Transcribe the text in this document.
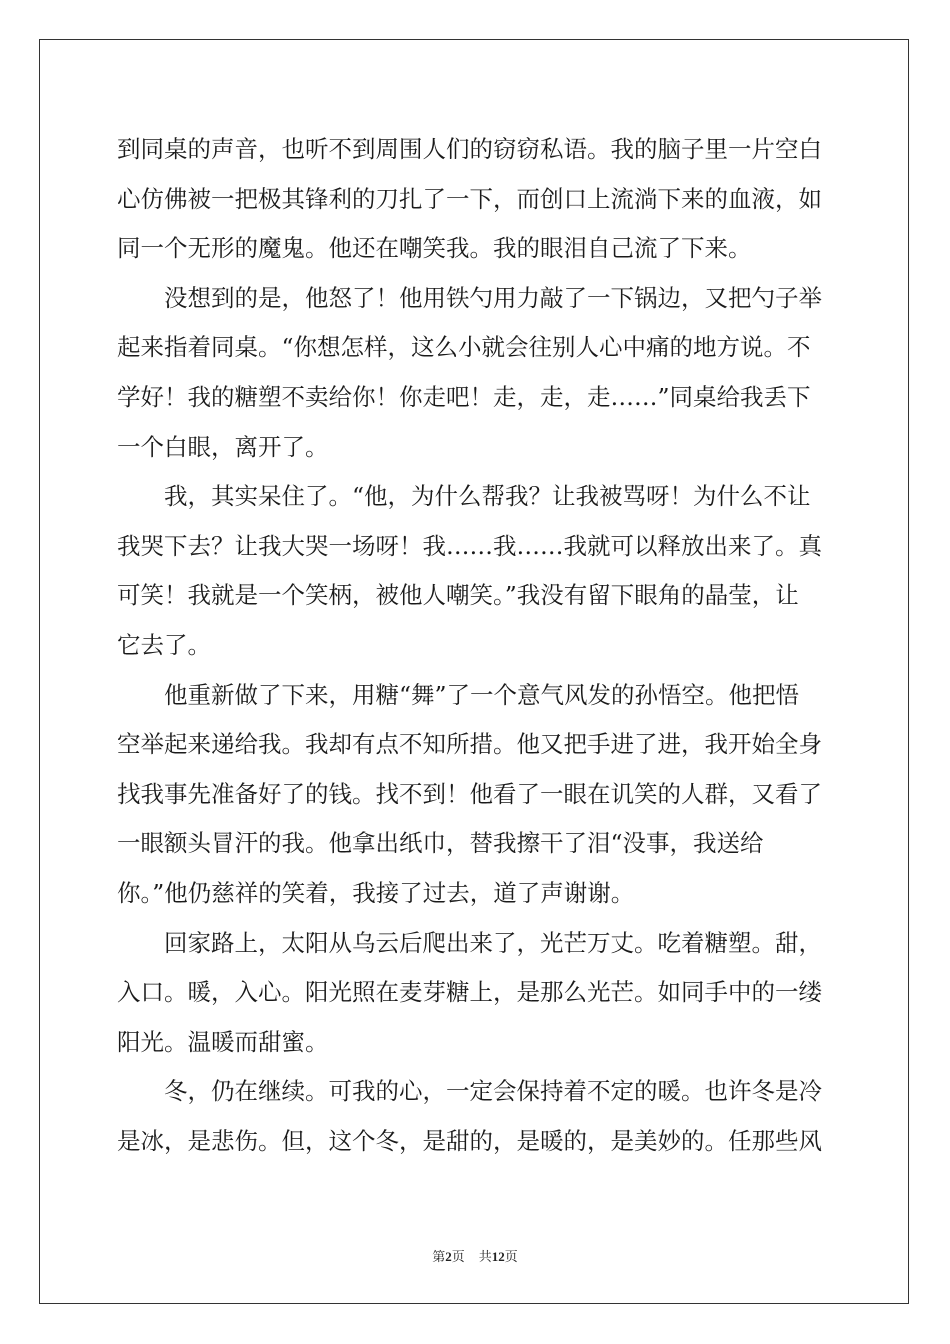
到同桌的声音，也听不到周围人们的窃窃私语。我的脑子里一片空白
心仿佛被一把极其锋利的刀扎了一下，而创口上流淌下来的血液，如
同一个无形的魔鬼。他还在嘲笑我。我的眼泪自己流了下来。
　　没想到的是，他怒了！他用铁勺用力敲了一下锅边，又把勺子举
起来指着同桌。“你想怎样，这么小就会往别人心中痛的地方说。不
学好！我的糖塑不卖给你！你走吧！走，走，走……”同桌给我丢下
一个白眼，离开了。
　　我，其实呆住了。“他，为什么帮我？让我被骂呀！为什么不让
我哭下去？让我大哭一场呀！我……我……我就可以释放出来了。真
可笑！我就是一个笑柄，被他人嘲笑。”我没有留下眼角的晶莹，让
它去了。
　　他重新做了下来，用糖“舞”了一个意气风发的孙悟空。他把悟
空举起来递给我。我却有点不知所措。他又把手进了进，我开始全身
找我事先准备好了的钱。找不到！他看了一眼在讥笑的人群，又看了
一眼额头冒汗的我。他拿出纸巾，替我擦干了泪“没事，我送给
你。”他仍慈祥的笑着，我接了过去，道了声谢谢。
　　回家路上，太阳从乌云后爬出来了，光芒万丈。吃着糖塑。甜，
入口。暖，入心。阳光照在麦芽糖上，是那么光芒。如同手中的一缕
阳光。温暖而甜蜜。
　　冬，仍在继续。可我的心，一定会保持着不定的暖。也许冬是冷
是冰，是悲伤。但，这个冬，是甜的，是暖的，是美妙的。任那些风
第2页 共12页
